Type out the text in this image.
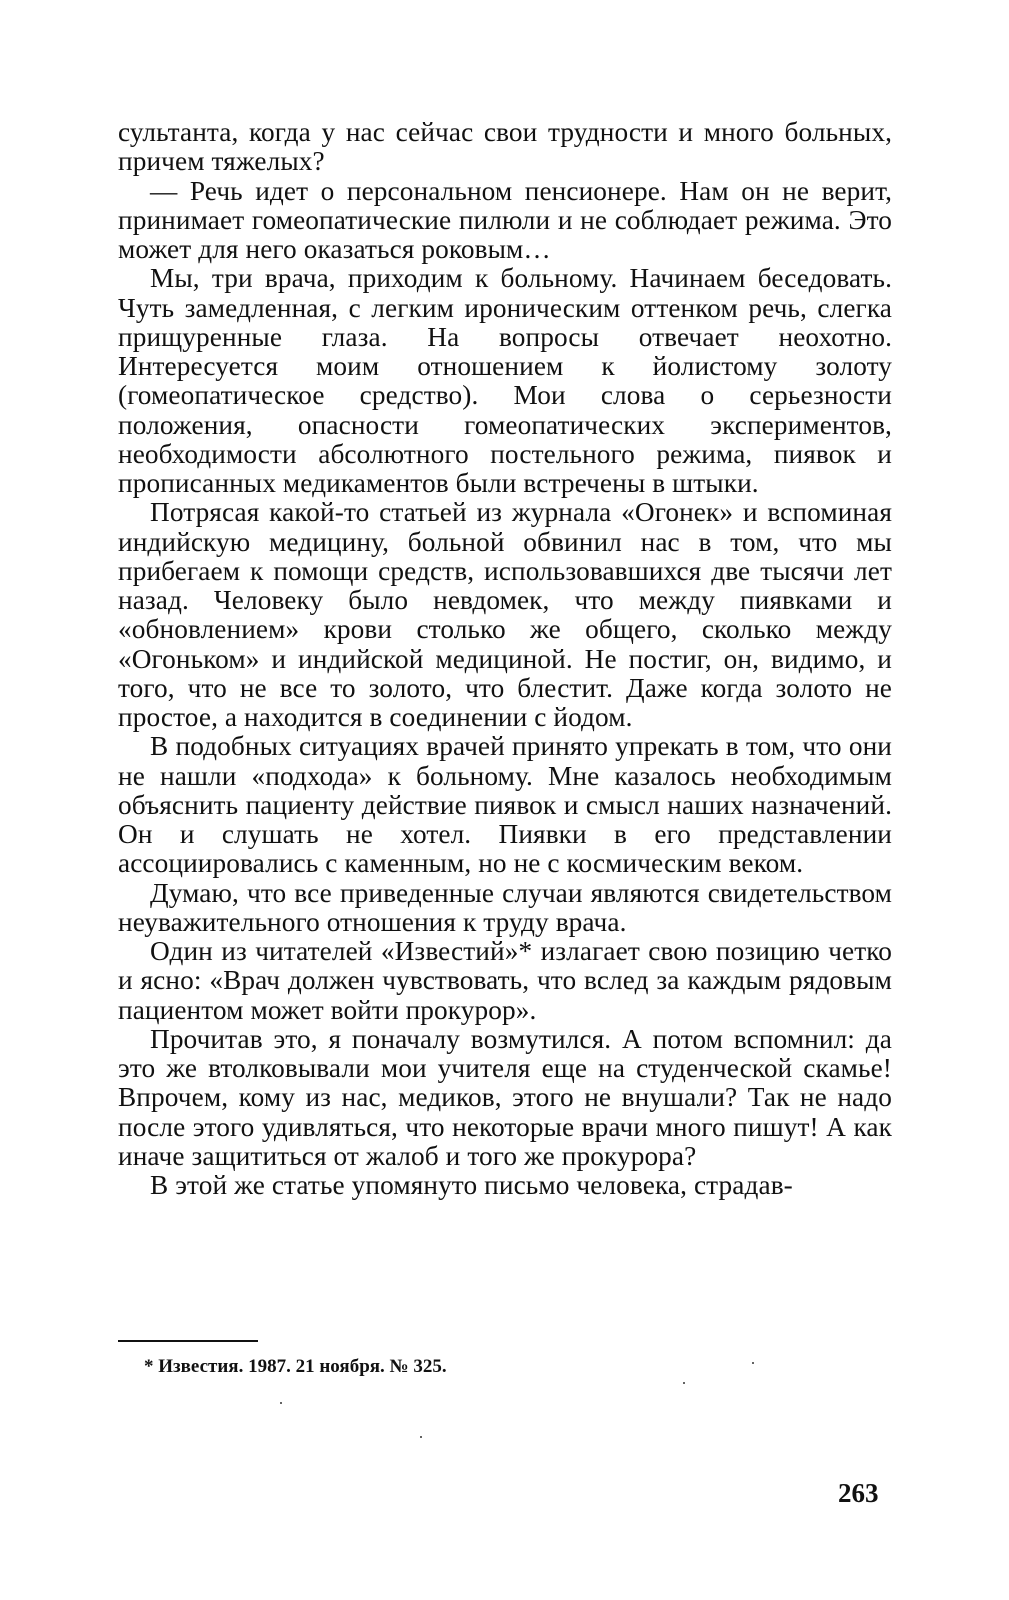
сультанта, когда у нас сейчас свои трудности и много больных, причем тяжелых?

— Речь идет о персональном пенсионере. Нам он не верит, принимает гомеопатические пилюли и не соблюдает режима. Это может для него оказаться роковым…

Мы, три врача, приходим к больному. Начинаем беседовать. Чуть замедленная, с легким ироническим оттенком речь, слегка прищуренные глаза. На вопросы отвечает неохотно. Интересуется моим отношением к йолистому золоту (гомеопатическое средство). Мои слова о серьезности положения, опасности гомеопатических экспериментов, необходимости абсолютного постельного режима, пиявок и прописанных медикаментов были встречены в штыки.

Потрясая какой-то статьей из журнала «Огонек» и вспоминая индийскую медицину, больной обвинил нас в том, что мы прибегаем к помощи средств, использовавшихся две тысячи лет назад. Человеку было невдомек, что между пиявками и «обновлением» крови столько же общего, сколько между «Огоньком» и индийской медициной. Не постиг, он, видимо, и того, что не все то золото, что блестит. Даже когда золото не простое, а находится в соединении с йодом.

В подобных ситуациях врачей принято упрекать в том, что они не нашли «подхода» к больному. Мне казалось необходимым объяснить пациенту действие пиявок и смысл наших назначений. Он и слушать не хотел. Пиявки в его представлении ассоциировались с каменным, но не с космическим веком.

Думаю, что все приведенные случаи являются свидетельством неуважительного отношения к труду врача.

Один из читателей «Известий»* излагает свою позицию четко и ясно: «Врач должен чувствовать, что вслед за каждым рядовым пациентом может войти прокурор».

Прочитав это, я поначалу возмутился. А потом вспомнил: да это же втолковывали мои учителя еще на студенческой скамье! Впрочем, кому из нас, медиков, этого не внушали? Так не надо после этого удивляться, что некоторые врачи много пишут! А как иначе защититься от жалоб и того же прокурора?

В этой же статье упомянуто письмо человека, страдав-

* Известия. 1987. 21 ноября. № 325.
263
